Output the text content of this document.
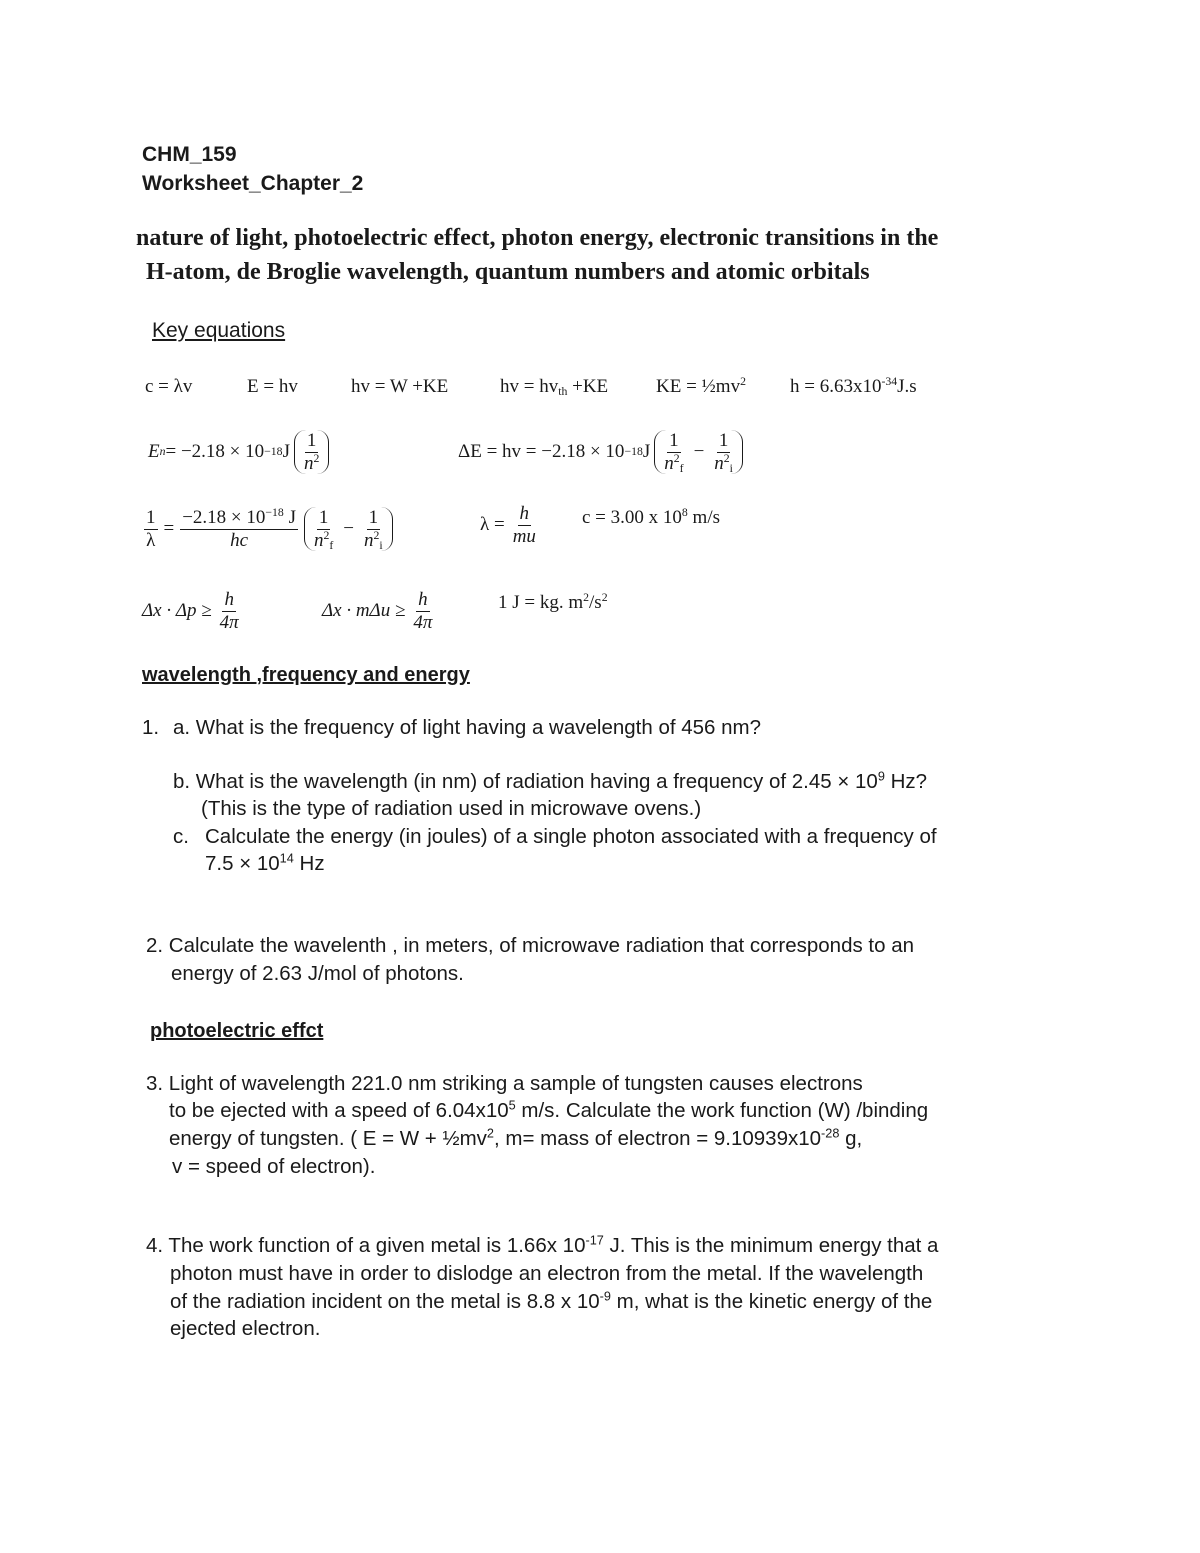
CHM_159
Worksheet_Chapter_2
nature of light, photoelectric effect, photon energy, electronic transitions in the
H-atom, de Broglie wavelength, quantum numbers and atomic orbitals
Key equations
c = λv	E = hv	hv = W +KE	hv = $hv_{th} +KE$	KE = $\frac{1}{2}mv^2$ $h = 6.63x10^{-34}J.s$
E n = −2.18 × 10 −18 J $\frac{1}{n^2}$	ΔE = hv = −2.18 × 10 −18 J $\frac{1}{n^2_f} - \frac{1}{n^2_i}$
$\frac{1}{\lambda} = \frac{-2.18 \times 10^{-18} J}{hc} \frac{1}{n^2_f} - \frac{1}{n^2_i}$	$\lambda = \frac{h}{mu}$ c = 3.00 x $10^8$ m/s
$\Delta x \cdot \Delta p \ge \frac{h}{4\pi}$	$\Delta x \cdot m\Delta u \ge \frac{h}{4\pi}$	1 J = kg. $m^2/s^2$
wavelength ,frequency and energy
1. a. What is the frequency of light having a wavelength of 456 nm?
b. What is the wavelength (in nm) of radiation having a frequency of $2.45 \times 10^9$ Hz?
(This is the type of radiation used in microwave ovens.)
c. Calculate the energy (in joules) of a single photon associated with a frequency of
$7.5 \times 10^{14}$ Hz
2. Calculate the wavelenth , in meters, of microwave radiation that corresponds to an
energy of 2.63 J/mol of photons.
photoelectric effct
3. Light of wavelength 221.0 nm striking a sample of tungsten causes electrons
to be ejected with a speed of $6.04x10^5$ m/s. Calculate the work function (W) /binding
energy of tungsten. ( $E = W + \frac{1}{2}mv^2$, m= mass of electron = $9.10939x10^{-28}$ g,
v = speed of electron).
4. The work function of a given metal is 1.66x $10^{-17}$ J. This is the minimum energy that a
photon must have in order to dislodge an electron from the metal. If the wavelength
of the radiation incident on the metal is 8.8 x $10^{-9}$ m, what is the kinetic energy of the
ejected electron.
